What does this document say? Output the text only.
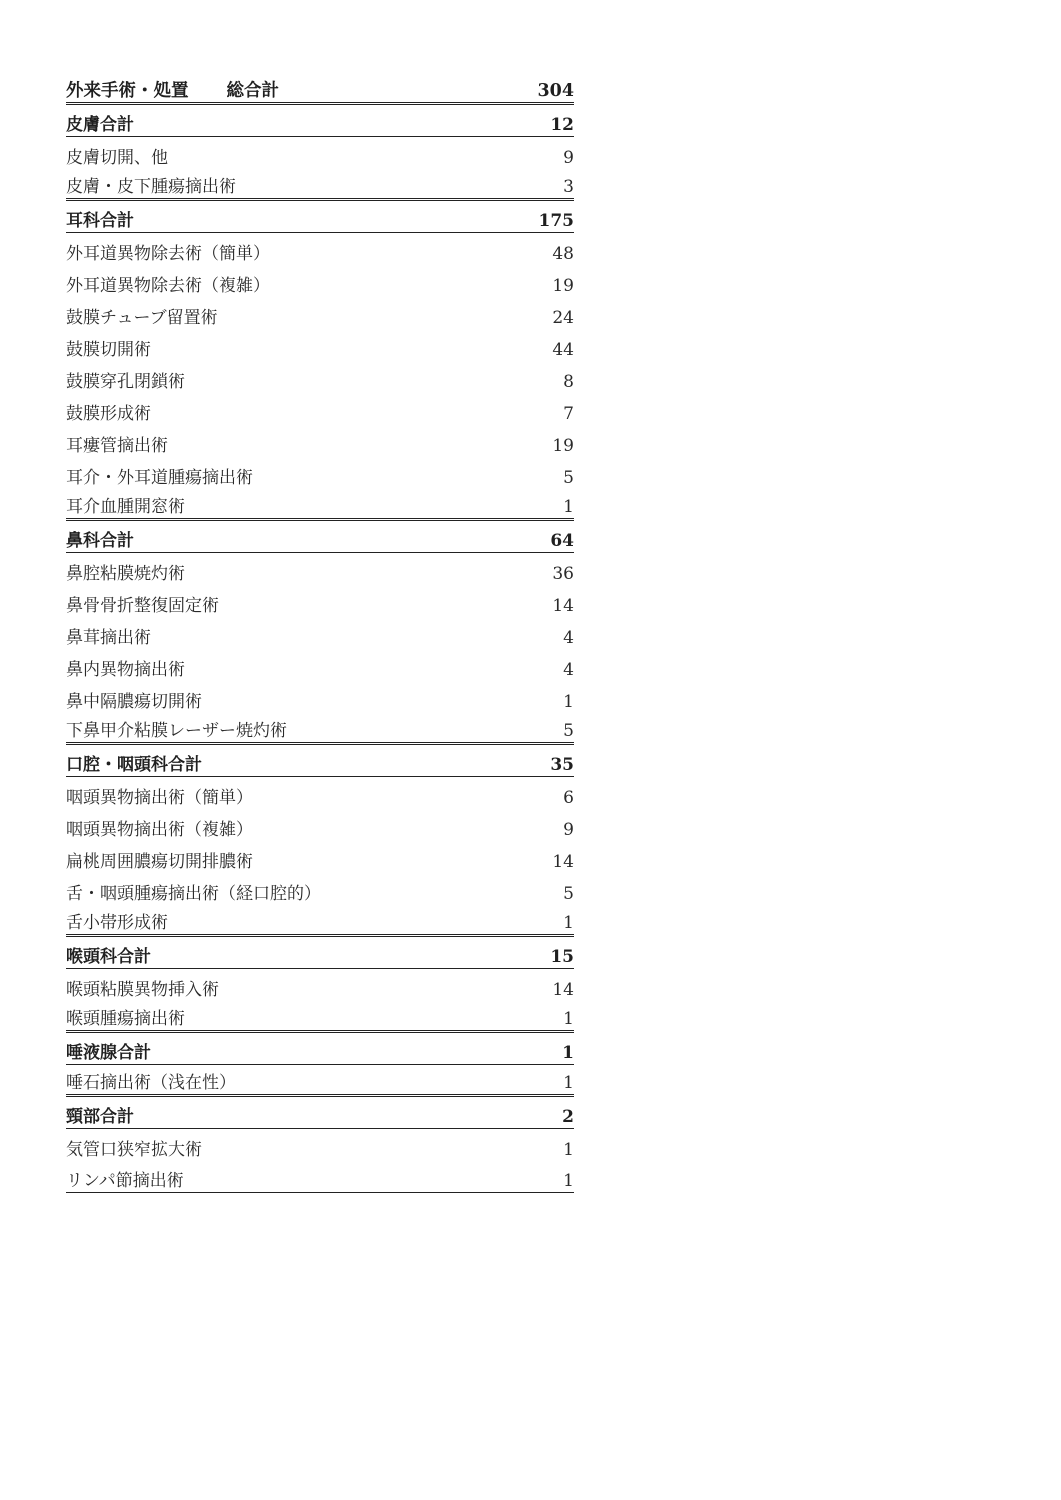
外来手術・処置 総合計	304
皮膚合計	12
皮膚切開、他	9
皮膚・皮下腫瘍摘出術	3
耳科合計	175
外耳道異物除去術（簡単）	48
外耳道異物除去術（複雑）	19
鼓膜チューブ留置術	24
鼓膜切開術	44
鼓膜穿孔閉鎖術	8
鼓膜形成術	7
耳瘻管摘出術	19
耳介・外耳道腫瘍摘出術	5
耳介血腫開窓術	1
鼻科合計	64
鼻腔粘膜焼灼術	36
鼻骨骨折整復固定術	14
鼻茸摘出術	4
鼻内異物摘出術	4
鼻中隔膿瘍切開術	1
下鼻甲介粘膜レーザー焼灼術	5
口腔・咽頭科合計	35
咽頭異物摘出術（簡単）	6
咽頭異物摘出術（複雑）	9
扁桃周囲膿瘍切開排膿術	14
舌・咽頭腫瘍摘出術（経口腔的）	5
舌小帯形成術	1
喉頭科合計	15
喉頭粘膜異物挿入術	14
喉頭腫瘍摘出術	1
唾液腺合計	1
唾石摘出術（浅在性）	1
頸部合計	2
気管口狭窄拡大術	1
リンパ節摘出術	1
